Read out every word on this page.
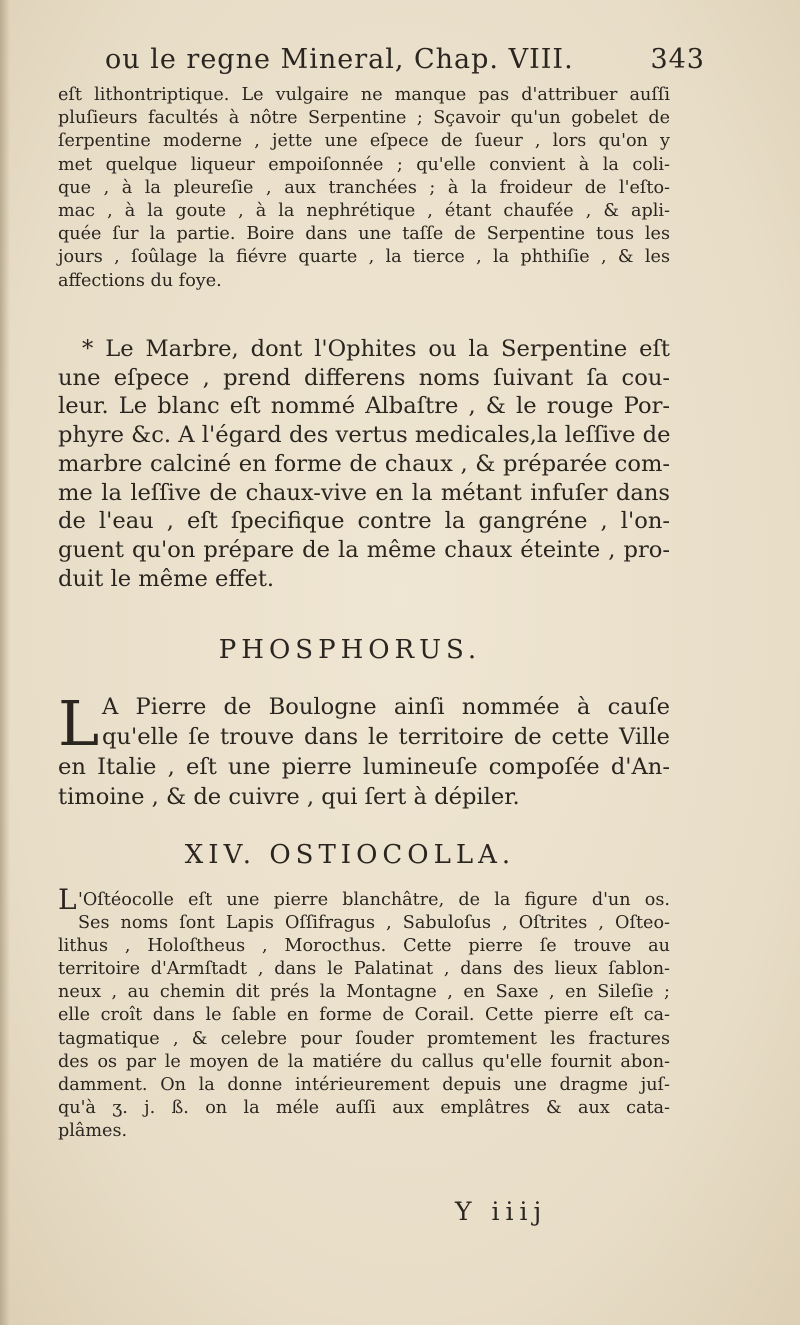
ou le regne Mineral, Chap. VIII.	343
eſt lithontriptique. Le vulgaire ne manque pas d'attribuer auſſi
pluſieurs facultés à nôtre Serpentine ; Sçavoir qu'un gobelet de
ſerpentine moderne , jette une eſpece de ſueur , lors qu'on y
met quelque liqueur empoiſonnée ; qu'elle convient à la coli-
que , à la pleureſie , aux tranchées ; à la froideur de l'eſto-
mac , à la goute , à la nephrétique , étant chaufée , & apli-
quée ſur la partie. Boire dans une taſſe de Serpentine tous les
jours , ſoûlage la fiévre quarte , la tierce , la phthiſie , & les
affections du foye.
* Le Marbre, dont l'Ophites ou la Serpentine eſt
une eſpece , prend differens noms ſuivant ſa cou-
leur. Le blanc eſt nommé Albaſtre , & le rouge Por-
phyre &c. A l'égard des vertus medicales,la leſſive de
marbre calciné en forme de chaux , & préparée com-
me la leſſive de chaux-vive en la métant infuſer dans
de l'eau , eſt ſpecifique contre la gangréne , l'on-
guent qu'on prépare de la même chaux éteinte , pro-
duit le même effet.
PHOSPHORUS.
L A Pierre de Boulogne ainſi nommée à cauſe
qu'elle ſe trouve dans le territoire de cette Ville
en Italie , eſt une pierre lumineuſe compoſée d'An-
timoine , & de cuivre , qui ſert à dépiler.
XIV. OSTIOCOLLA.
L 'Oſtéocolle eſt une pierre blanchâtre, de la figure d'un os.
Ses noms ſont Lapis Oſſifragus , Sabuloſus , Oſtrites , Oſteo-
lithus , Holoſtheus , Morocthus. Cette pierre ſe trouve au
territoire d'Armſtadt , dans le Palatinat , dans des lieux ſablon-
neux , au chemin dit prés la Montagne , en Saxe , en Sileſie ;
elle croît dans le ſable en forme de Corail. Cette pierre eſt ca-
tagmatique , & celebre pour ſouder promtement les fractures
des os par le moyen de la matiére du callus qu'elle fournit abon-
damment. On la donne intérieurement depuis une dragme juſ-
qu'à ʒ. j. ß. on la méle auſſi aux emplâtres & aux cata-
plâmes.
Y iiij
